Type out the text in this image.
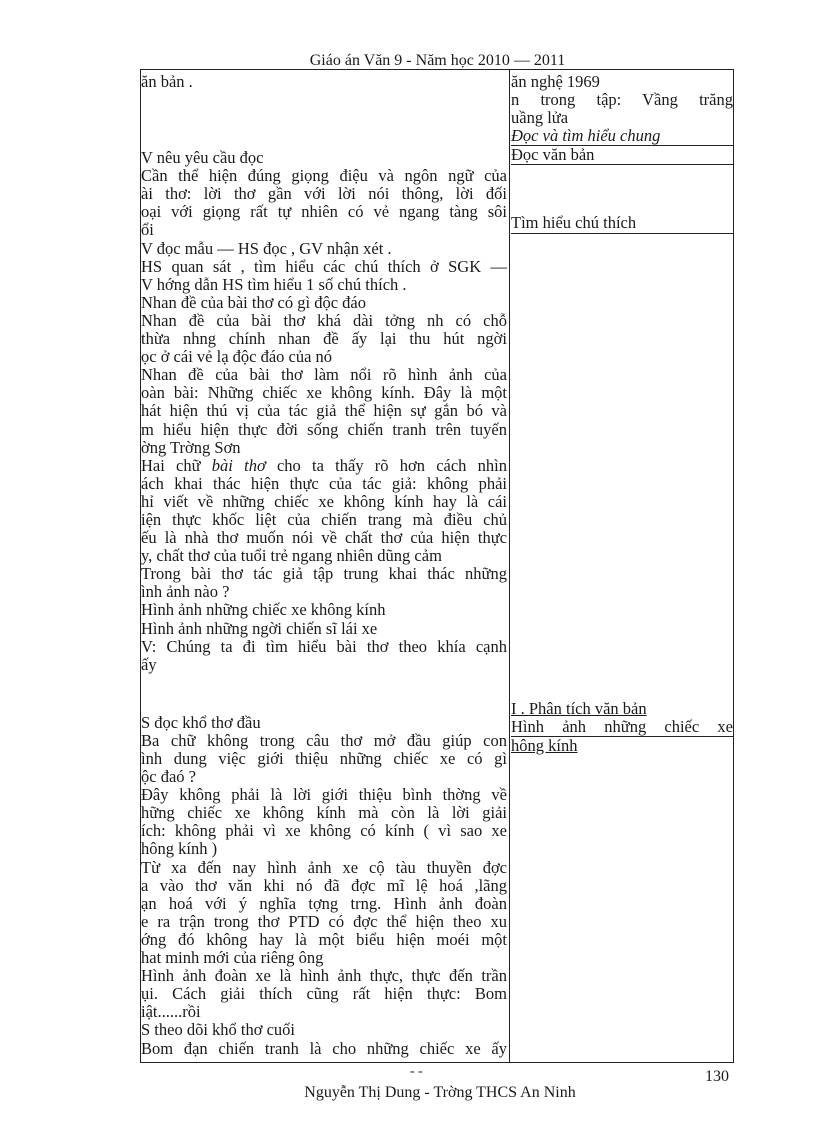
Giáo án Văn 9 - Năm học 2010 — 2011
ăn bản .
V nêu yêu cầu đọc
Cần thể hiện đúng giọng điệu và ngôn ngữ của
ài thơ: lời thơ gần với lời nói thông, lời đối
oại với giọng rất tự nhiên có vẻ ngang tàng sôi
ổi
V đọc mẫu — HS đọc , GV nhận xét .
HS quan sát , tìm hiểu các chú thích ở SGK —
V hớng dẫn HS tìm hiểu 1 số chú thích .
Nhan đề của bài thơ có gì độc đáo
Nhan đề của bài thơ khá dài tởng nh có chỗ
thừa nhng chính nhan đề ấy lại thu hút ngời
ọc ở cái vẻ lạ độc đáo của nó
Nhan đề của bài thơ làm nổi rõ hình ảnh của
oàn bài: Những chiếc xe không kính. Đây là một
hát hiện thú vị của tác giả thể hiện sự gắn bó và
m hiểu hiện thực đời sống chiến tranh trên tuyến
ờng Trờng Sơn
Hai chữ bài thơ cho ta thấy rõ hơn cách nhìn
ách khai thác hiện thực của tác giả: không phải
hỉ viết về những chiếc xe không kính hay là cái
iện thực khốc liệt của chiến trang mà điều chủ
ếu là nhà thơ muốn nói về chất thơ của hiện thực
y, chất thơ của tuổi trẻ ngang nhiên dũng cảm
Trong bài thơ tác giả tập trung khai thác những
ình ảnh nào ?
Hình ảnh những chiếc xe không kính
Hình ảnh những ngời chiến sĩ lái xe
V: Chúng ta đi tìm hiểu bài thơ theo khía cạnh
ấy
S đọc khổ thơ đầu
Ba chữ không trong câu thơ mở đầu giúp con
ình dung việc giới thiệu những chiếc xe có gì
ộc đaó ?
Đây không phải là lời giới thiệu bình thờng về
hững chiếc xe không kính mà còn là lời giải
ích: không phải vì xe không có kính ( vì sao xe
hông kính )
Từ xa đến nay hình ảnh xe cộ tàu thuyền đợc
a vào thơ văn khi nó đã đợc mĩ lệ hoá ,lãng
ạn hoá với ý nghĩa tợng trng. Hình ảnh đoàn
e ra trận trong thơ PTD có đợc thể hiện theo xu
ớng đó không hay là một biểu hiện moéi một
hat minh mới của riêng ông
Hình ảnh đoàn xe là hình ảnh thực, thực đến trần
ụi. Cách giải thích cũng rất hiện thực: Bom
iật......rồi
S theo dõi khổ thơ cuối
Bom đạn chiến tranh là cho những chiếc xe ấy
ăn nghệ 1969
n trong tập: Vầng trăng
uầng lửa
Đọc và tìm hiểu chung
Đọc văn bản
Tìm hiểu chú thích
I . Phân tích văn bản
Hình ảnh những chiếc xe
hông kính
- -	130
Nguyễn Thị Dung - Trờng THCS An Ninh
